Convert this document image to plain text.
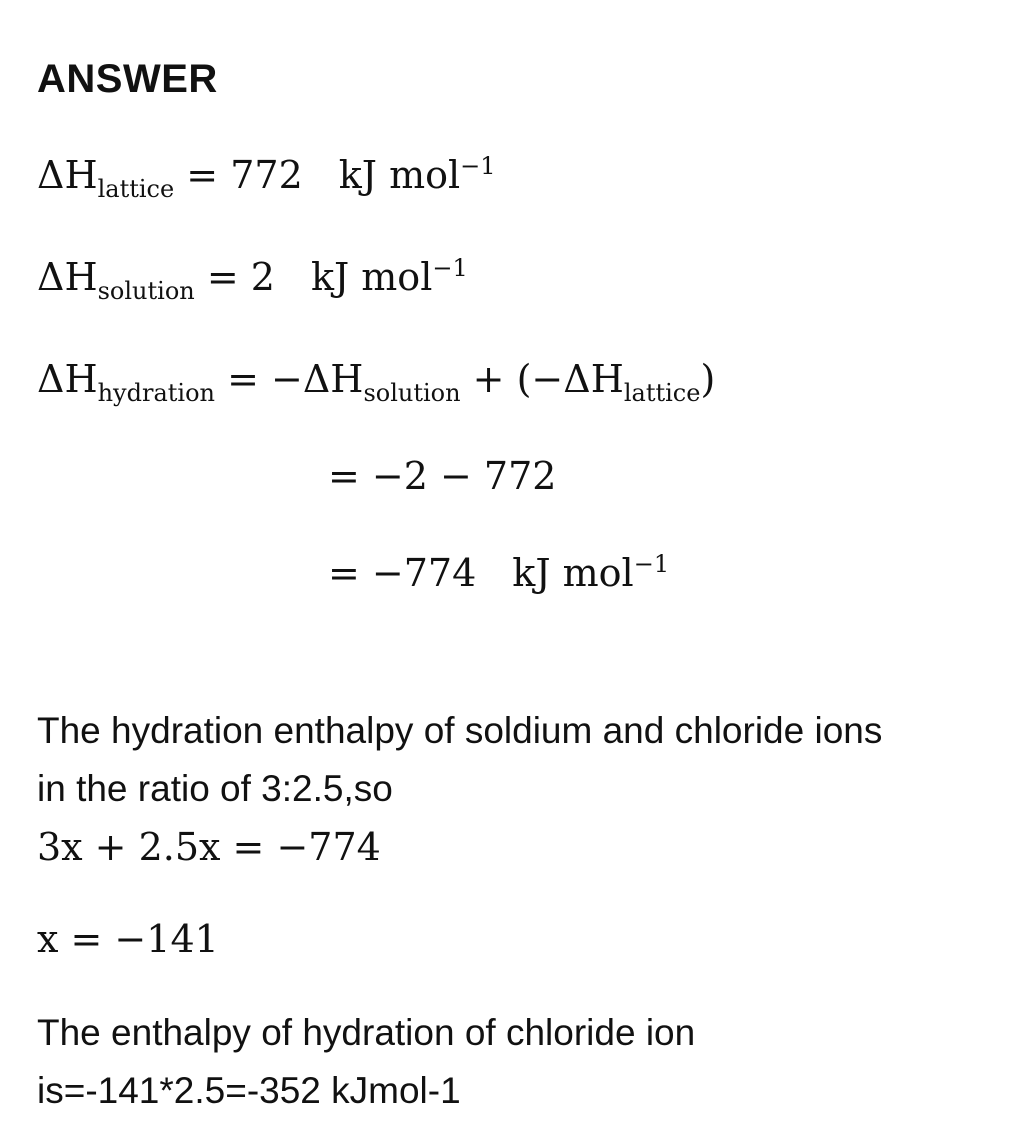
ANSWER
$\Delta H_{lattice} = 772$ kJ mol$^{-1}$
$\Delta H_{solution} = 2$ kJ mol$^{-1}$
$\Delta H_{hydration} = -\Delta H_{solution} + (-\Delta H_{lattice})$
= −2 − 772
= −774 kJ mol$^{-1}$
The hydration enthalpy of soldium and chloride ions
in the ratio of 3:2.5,so
3x + 2.5x = −774
x = −141
The enthalpy of hydration of chloride ion
is=-141*2.5=-352 kJmol-1
